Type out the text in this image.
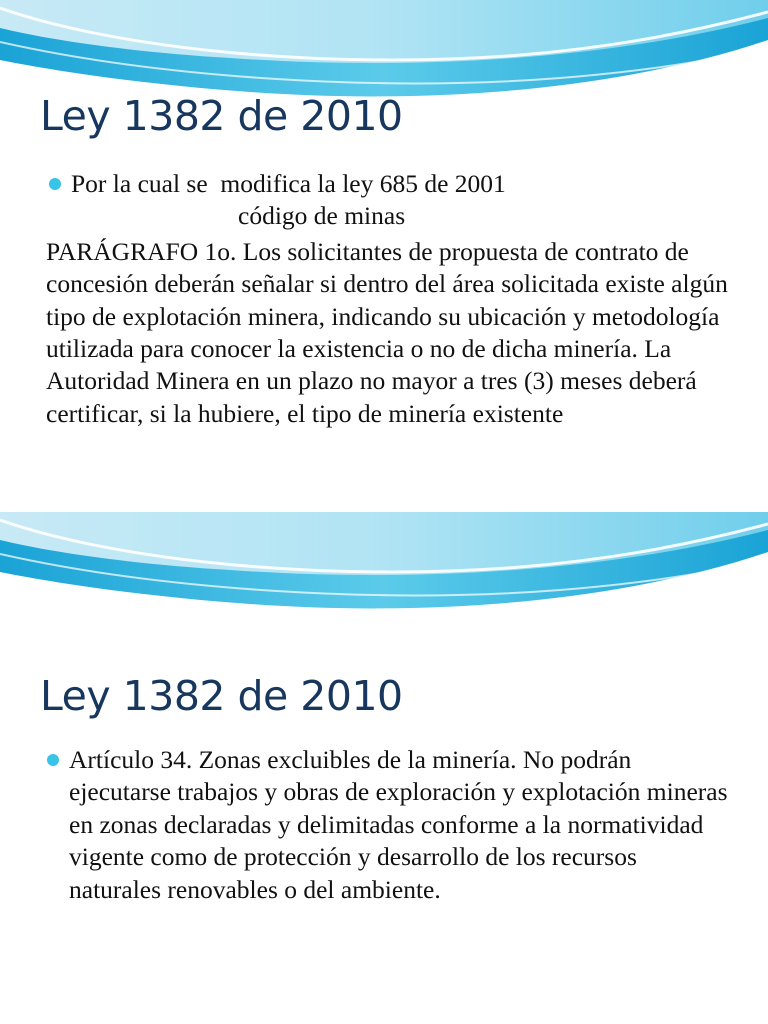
Ley 1382 de 2010
Por la cual se  modifica la ley 685 de 2001
código de minas
PARÁGRAFO 1o. Los solicitantes de propuesta de contrato de concesión deberán señalar si dentro del área solicitada existe algún tipo de explotación minera, indicando su ubicación y metodología utilizada para conocer la existencia o no de dicha minería. La Autoridad Minera en un plazo no mayor a tres (3) meses deberá certificar, si la hubiere, el tipo de minería existente
Ley 1382 de 2010
Artículo 34. Zonas excluibles de la minería. No podrán ejecutarse trabajos y obras de exploración y explotación mineras en zonas declaradas y delimitadas conforme a la normatividad vigente como de protección y desarrollo de los recursos naturales renovables o del ambiente.
